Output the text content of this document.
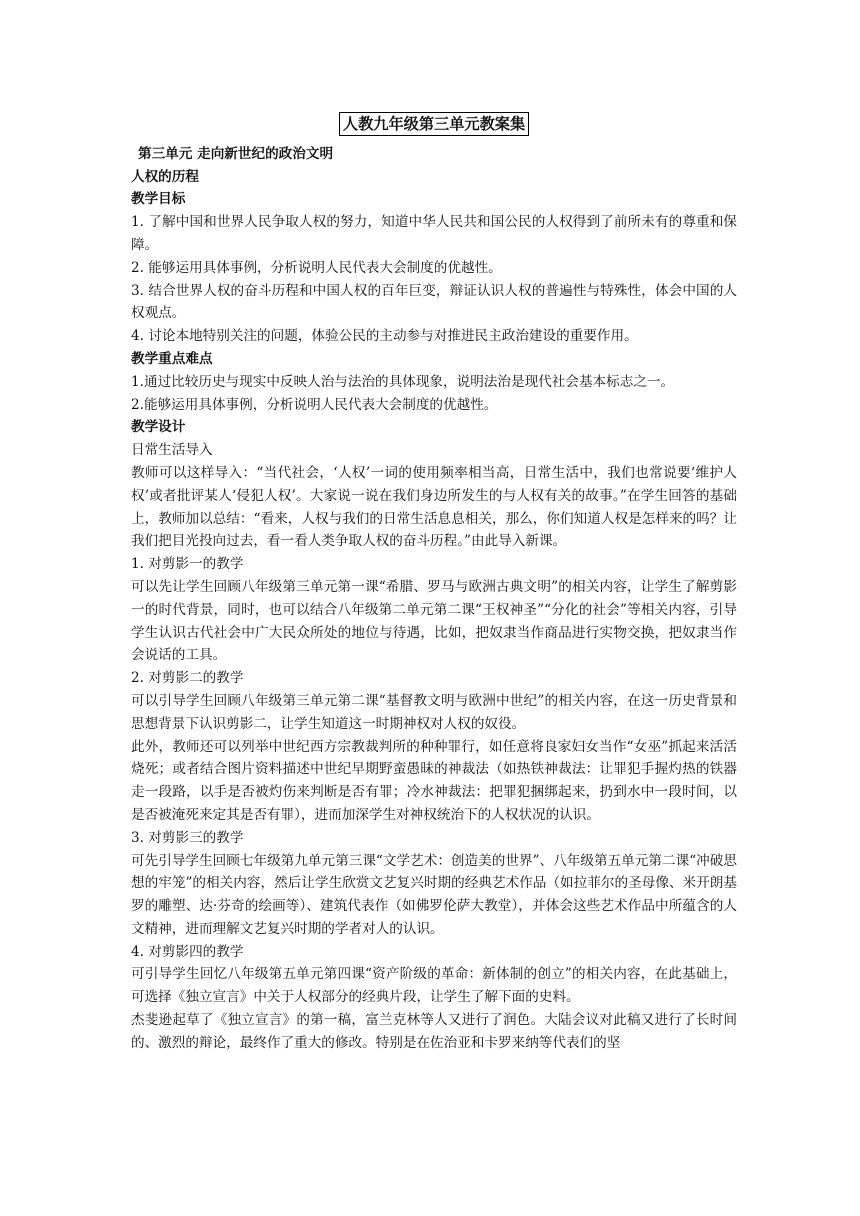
人教九年级第三单元教案集

第三单元 走向新世纪的政治文明

人权的历程

教学目标

1. 了解中国和世界人民争取人权的努力，知道中华人民共和国公民的人权得到了前所未有的尊重和保障。

2. 能够运用具体事例，分析说明人民代表大会制度的优越性。

3. 结合世界人权的奋斗历程和中国人权的百年巨变，辩证认识人权的普遍性与特殊性，体会中国的人权观点。

4. 讨论本地特别关注的问题，体验公民的主动参与对推进民主政治建设的重要作用。

教学重点难点

1.通过比较历史与现实中反映人治与法治的具体现象，说明法治是现代社会基本标志之一。

2.能够运用具体事例，分析说明人民代表大会制度的优越性。

教学设计

日常生活导入

教师可以这样导入：“当代社会，‘人权’一词的使用频率相当高，日常生活中，我们也常说要‘维护人权’或者批评某人‘侵犯人权’。大家说一说在我们身边所发生的与人权有关的故事。”在学生回答的基础上，教师加以总结：“看来，人权与我们的日常生活息息相关，那么，你们知道人权是怎样来的吗？让我们把目光投向过去，看一看人类争取人权的奋斗历程。”由此导入新课。

1. 对剪影一的教学

可以先让学生回顾八年级第三单元第一课“希腊、罗马与欧洲古典文明”的相关内容，让学生了解剪影一的时代背景，同时，也可以结合八年级第二单元第二课“王权神圣”“分化的社会”等相关内容，引导学生认识古代社会中广大民众所处的地位与待遇，比如，把奴隶当作商品进行实物交换，把奴隶当作会说话的工具。

2. 对剪影二的教学

可以引导学生回顾八年级第三单元第二课“基督教文明与欧洲中世纪”的相关内容，在这一历史背景和思想背景下认识剪影二，让学生知道这一时期神权对人权的奴役。

此外，教师还可以列举中世纪西方宗教裁判所的种种罪行，如任意将良家妇女当作“女巫”抓起来活活烧死；或者结合图片资料描述中世纪早期野蛮愚昧的神裁法（如热铁神裁法：让罪犯手握灼热的铁器走一段路，以手是否被灼伤来判断是否有罪；冷水神裁法：把罪犯捆绑起来，扔到水中一段时间，以是否被淹死来定其是否有罪），进而加深学生对神权统治下的人权状况的认识。

3. 对剪影三的教学

可先引导学生回顾七年级第九单元第三课“文学艺术：创造美的世界”、八年级第五单元第二课“冲破思想的牢笼”的相关内容，然后让学生欣赏文艺复兴时期的经典艺术作品（如拉菲尔的圣母像、米开朗基罗的雕塑、达·芬奇的绘画等）、建筑代表作（如佛罗伦萨大教堂），并体会这些艺术作品中所蕴含的人文精神，进而理解文艺复兴时期的学者对人的认识。

4. 对剪影四的教学

可引导学生回忆八年级第五单元第四课“资产阶级的革命：新体制的创立”的相关内容，在此基础上，可选择《独立宣言》中关于人权部分的经典片段，让学生了解下面的史料。

杰斐逊起草了《独立宣言》的第一稿，富兰克林等人又进行了润色。大陆会议对此稿又进行了长时间的、激烈的辩论，最终作了重大的修改。特别是在佐治亚和卡罗来纳等代表们的坚
